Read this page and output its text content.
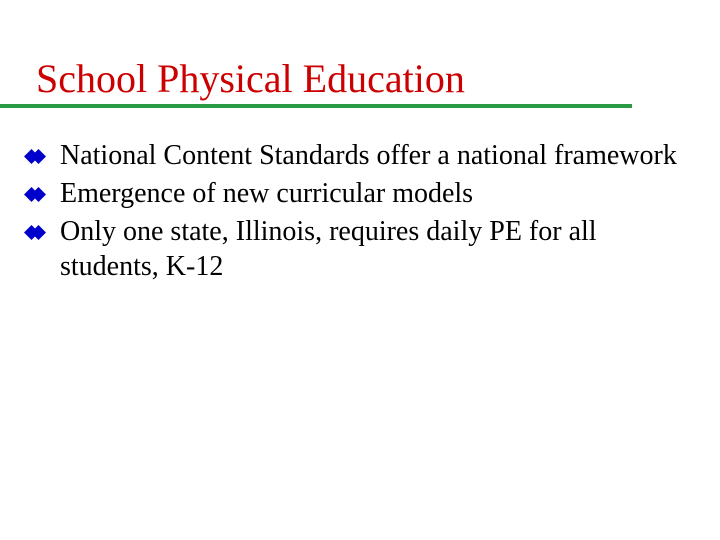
School Physical Education
National Content Standards offer a national framework
Emergence of new curricular models
Only one state, Illinois, requires daily PE for all students, K-12
